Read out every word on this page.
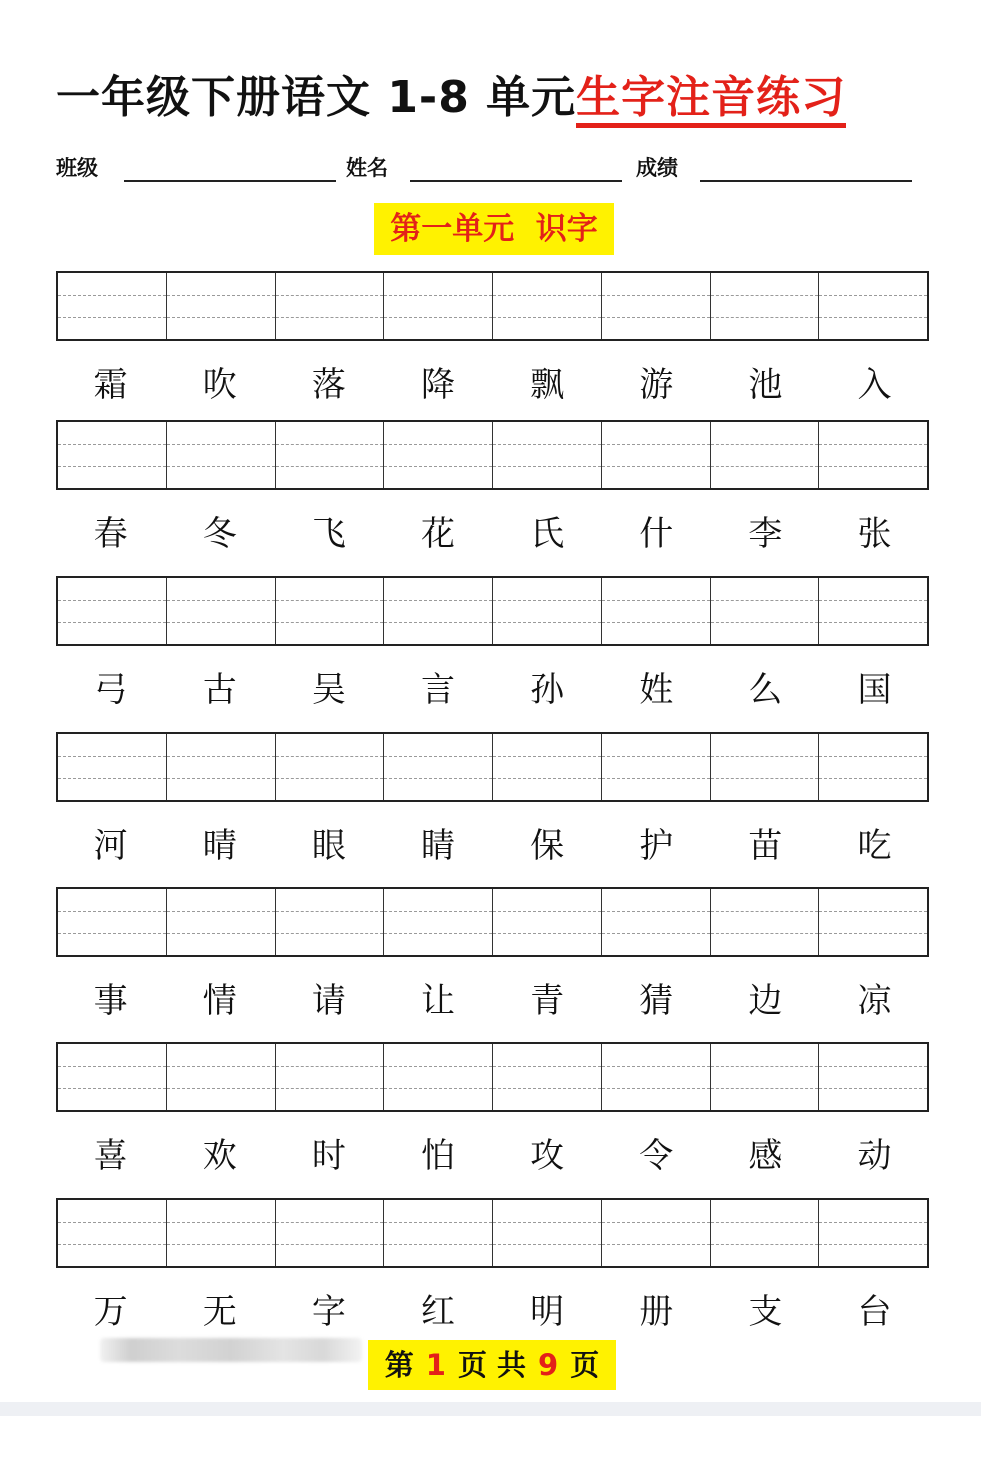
一年级下册语文 1-8 单元生字注音练习
班级	姓名	成绩
第一单元  识字
霜	吹	落	降	飘	游	池	入
春	冬	飞	花	氏	什	李	张
弓	古	吴	言	孙	姓	么	国
河	晴	眼	睛	保	护	苗	吃
事	情	请	让	青	猜	边	凉
喜	欢	时	怕	攻	令	感	动
万	无	字	红	明	册	支	台
第 1 页 共 9 页
